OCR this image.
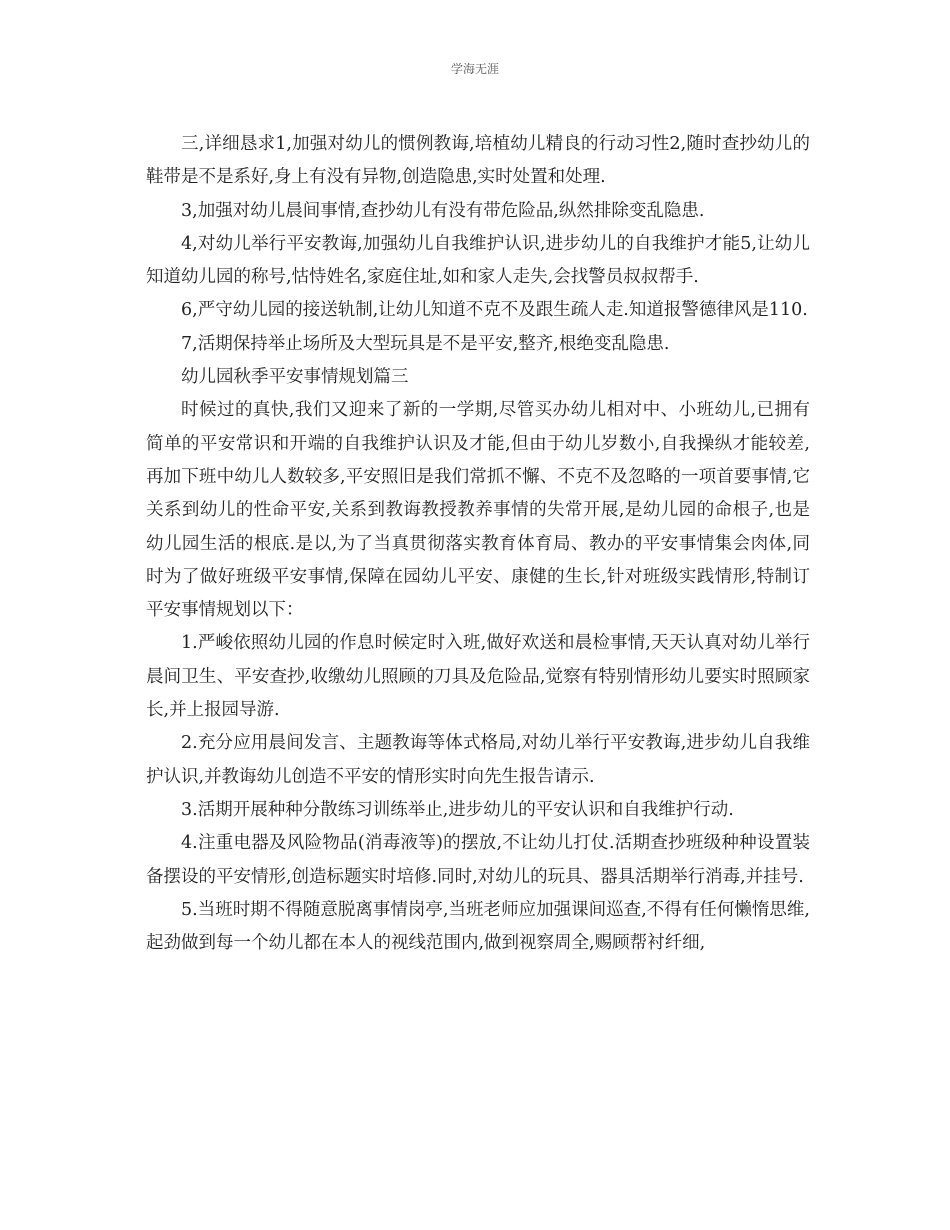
学海无涯

三,详细恳求1,加强对幼儿的惯例教诲,培植幼儿精良的行动习性2,随时查抄幼儿的鞋带是不是系好,身上有没有异物,创造隐患,实时处置和处理.

3,加强对幼儿晨间事情,查抄幼儿有没有带危险品,纵然排除变乱隐患.

4,对幼儿举行平安教诲,加强幼儿自我维护认识,进步幼儿的自我维护才能5,让幼儿知道幼儿园的称号,怙恃姓名,家庭住址,如和家人走失,会找警员叔叔帮手.

6,严守幼儿园的接送轨制,让幼儿知道不克不及跟生疏人走.知道报警德律风是110.

7,活期保持举止场所及大型玩具是不是平安,整齐,根绝变乱隐患.

幼儿园秋季平安事情规划篇三

时候过的真快,我们又迎来了新的一学期,尽管买办幼儿相对中、小班幼儿,已拥有简单的平安常识和开端的自我维护认识及才能,但由于幼儿岁数小,自我操纵才能较差,再加下班中幼儿人数较多,平安照旧是我们常抓不懈、不克不及忽略的一项首要事情,它关系到幼儿的性命平安,关系到教诲教授教养事情的失常开展,是幼儿园的命根子,也是幼儿园生活的根底.是以,为了当真贯彻落实教育体育局、教办的平安事情集会肉体,同时为了做好班级平安事情,保障在园幼儿平安、康健的生长,针对班级实践情形,特制订平安事情规划以下：

1.严峻依照幼儿园的作息时候定时入班,做好欢送和晨检事情,天天认真对幼儿举行晨间卫生、平安查抄,收缴幼儿照顾的刀具及危险品,觉察有特别情形幼儿要实时照顾家长,并上报园导游.

2.充分应用晨间发言、主题教诲等体式格局,对幼儿举行平安教诲,进步幼儿自我维护认识,并教诲幼儿创造不平安的情形实时向先生报告请示.

3.活期开展种种分散练习训练举止,进步幼儿的平安认识和自我维护行动.

4.注重电器及风险物品(消毒液等)的摆放,不让幼儿打仗.活期查抄班级种种设置装备摆设的平安情形,创造标题实时培修.同时,对幼儿的玩具、器具活期举行消毒,并挂号.

5.当班时期不得随意脱离事情岗亭,当班老师应加强课间巡查,不得有任何懒惰思维,起劲做到每一个幼儿都在本人的视线范围内,做到视察周全,赐顾帮衬纤细,
